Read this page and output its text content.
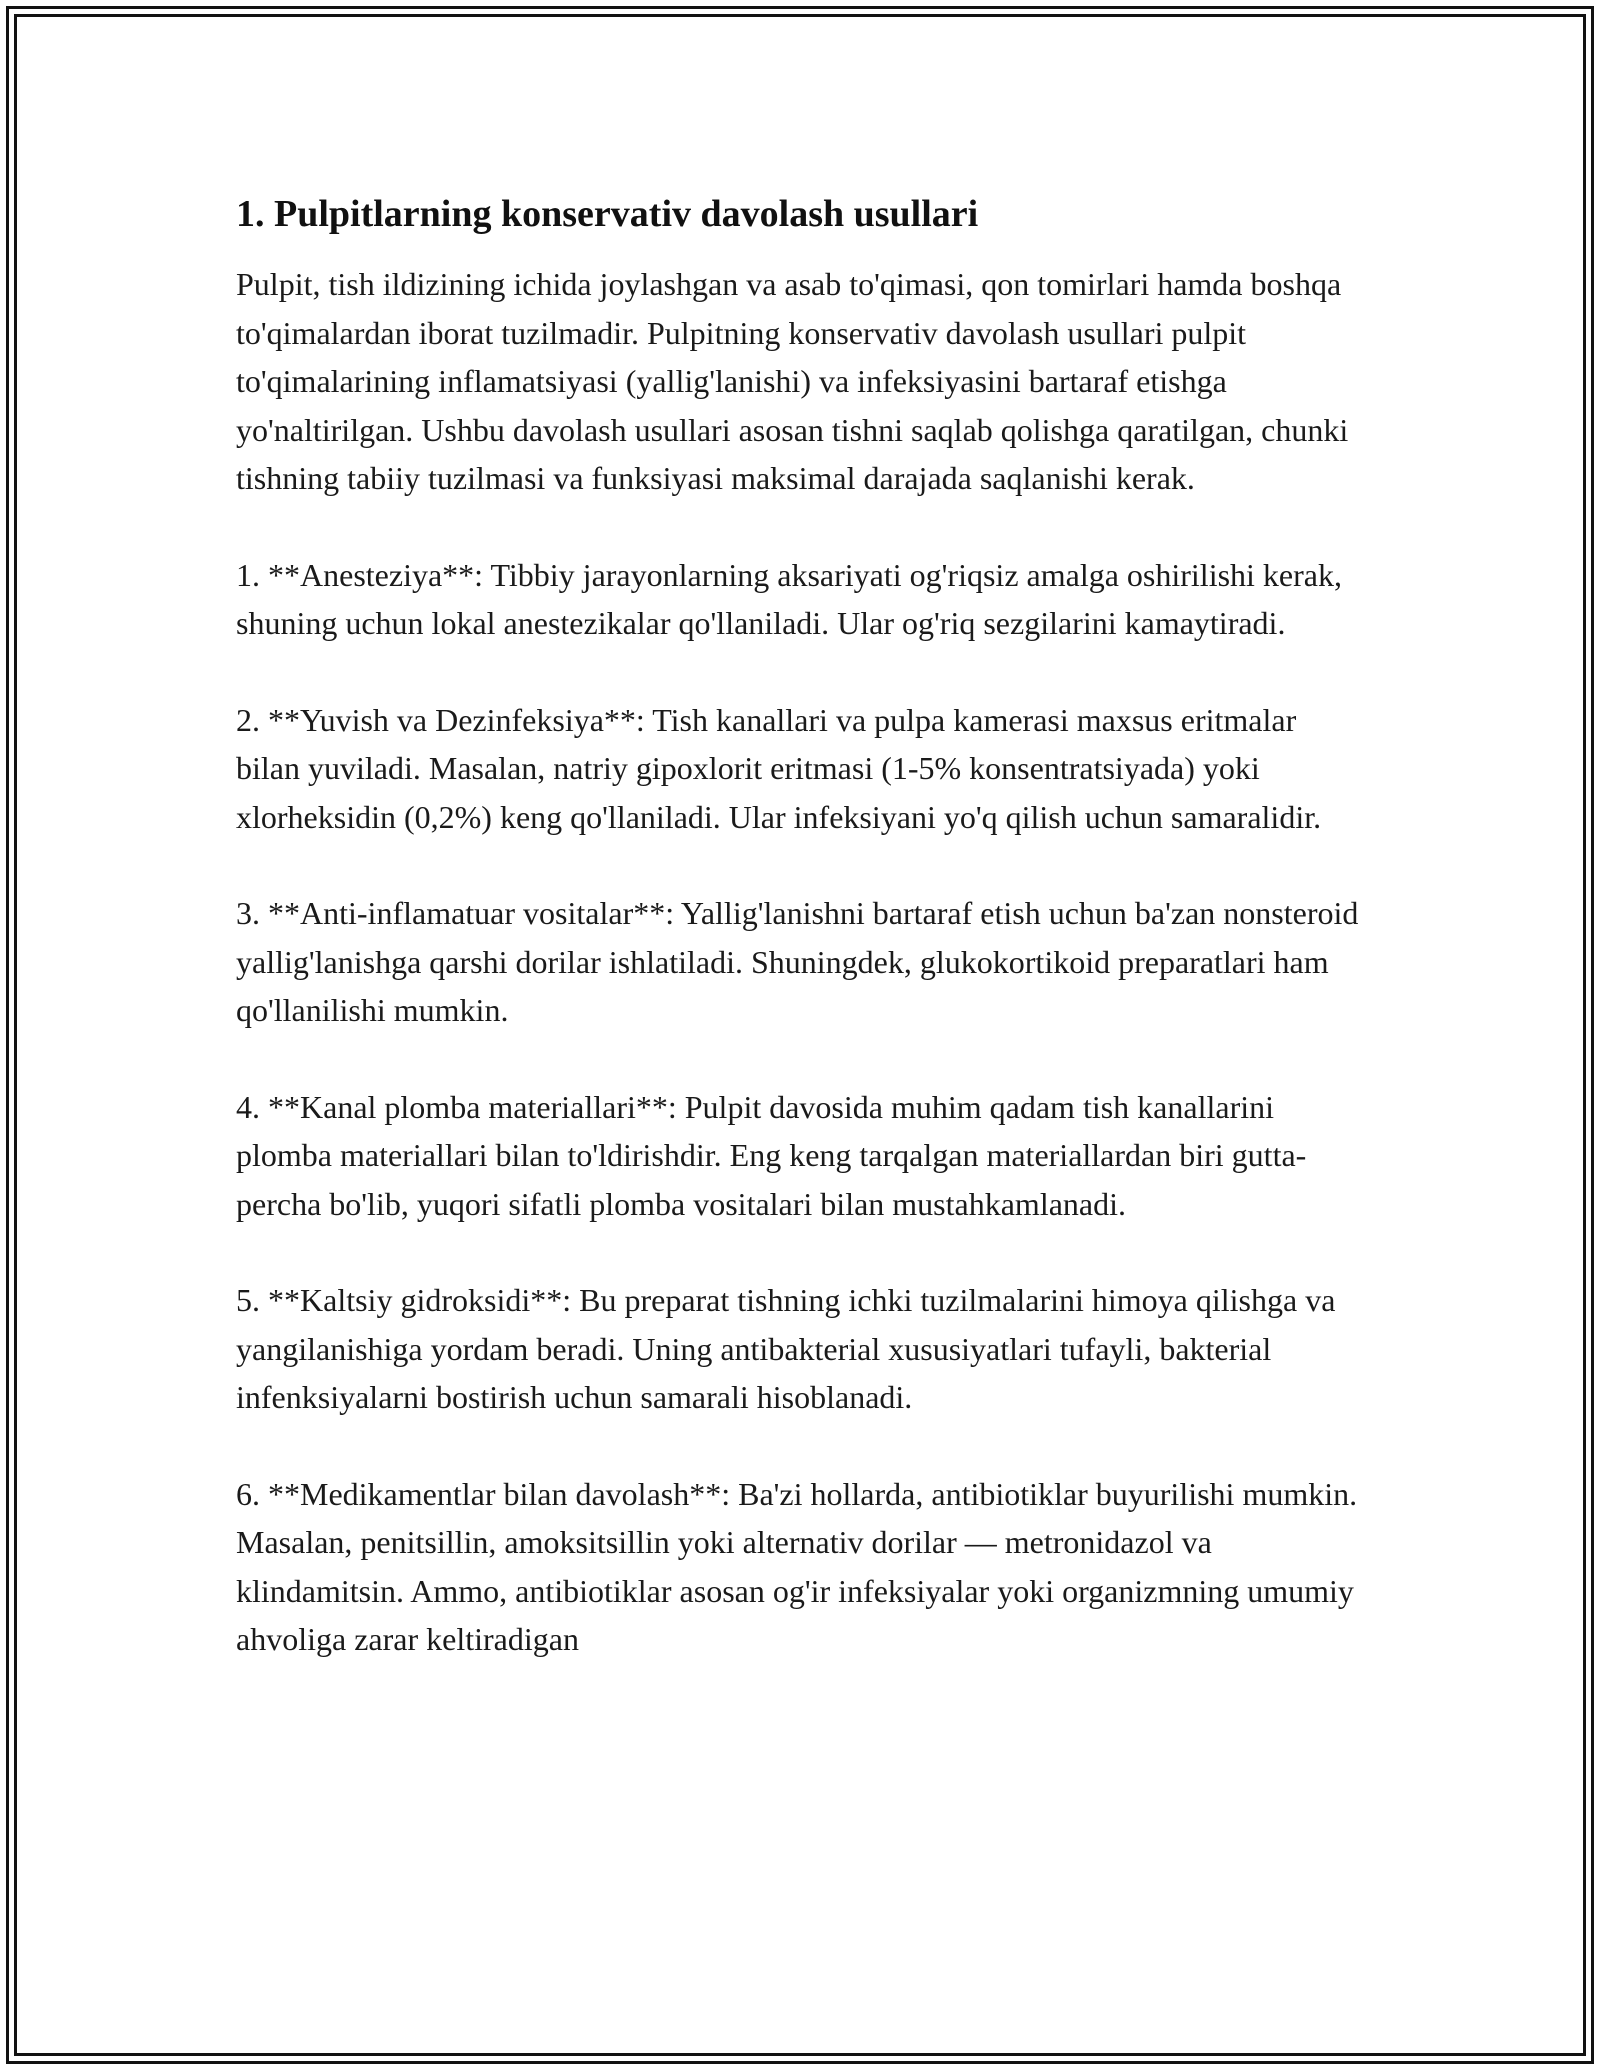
1. Pulpitlarning konservativ davolash usullari

Pulpit, tish ildizining ichida joylashgan va asab to'qimasi, qon tomirlari hamda boshqa to'qimalardan iborat tuzilmadir. Pulpitning konservativ davolash usullari pulpit to'qimalarining inflamatsiyasi (yallig'lanishi) va infeksiyasini bartaraf etishga yo'naltirilgan. Ushbu davolash usullari asosan tishni saqlab qolishga qaratilgan, chunki tishning tabiiy tuzilmasi va funksiyasi maksimal darajada saqlanishi kerak.

1. **Anesteziya**: Tibbiy jarayonlarning aksariyati og'riqsiz amalga oshirilishi kerak, shuning uchun lokal anestezikalar qo'llaniladi. Ular og'riq sezgilarini kamaytiradi.

2. **Yuvish va Dezinfeksiya**: Tish kanallari va pulpa kamerasi maxsus eritmalar bilan yuviladi. Masalan, natriy gipoxlorit eritmasi (1-5% konsentratsiyada) yoki xlorheksidin (0,2%) keng qo'llaniladi. Ular infeksiyani yo'q qilish uchun samaralidir.

3. **Anti-inflamatuar vositalar**: Yallig'lanishni bartaraf etish uchun ba'zan nonsteroid yallig'lanishga qarshi dorilar ishlatiladi. Shuningdek, glukokortikoid preparatlari ham qo'llanilishi mumkin.

4. **Kanal plomba materiallari**: Pulpit davosida muhim qadam tish kanallarini plomba materiallari bilan to'ldirishdir. Eng keng tarqalgan materiallardan biri gutta-percha bo'lib, yuqori sifatli plomba vositalari bilan mustahkamlanadi.

5. **Kaltsiy gidroksidi**: Bu preparat tishning ichki tuzilmalarini himoya qilishga va yangilanishiga yordam beradi. Uning antibakterial xususiyatlari tufayli, bakterial infenksiyalarni bostirish uchun samarali hisoblanadi.

6. **Medikamentlar bilan davolash**: Ba'zi hollarda, antibiotiklar buyurilishi mumkin. Masalan, penitsillin, amoksitsillin yoki alternativ dorilar — metronidazol va klindamitsin. Ammo, antibiotiklar asosan og'ir infeksiyalar yoki organizmning umumiy ahvoliga zarar keltiradigan
